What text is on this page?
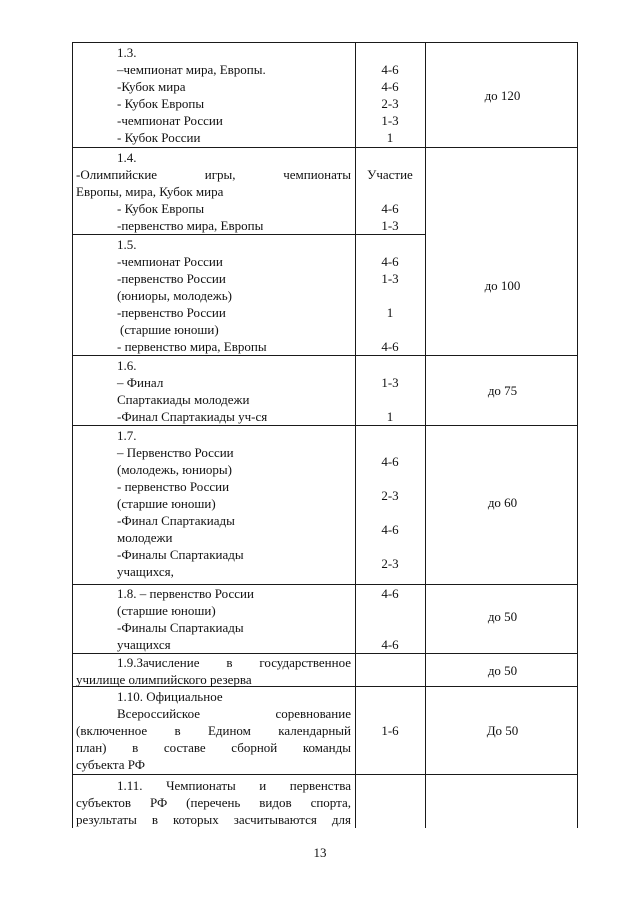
1.3.
–чемпионат мира, Европы.
-Кубок мира
- Кубок Европы
-чемпионат России
- Кубок России
4-6
4-6
2-3
1-3
1
до 120
1.4.
-Олимпийские игры, чемпионаты
Европы, мира, Кубок мира
- Кубок Европы
-первенство мира, Европы
Участие
4-6
1-3
1.5.
-чемпионат России
-первенство России
(юниоры, молодежь)
-первенство России
(старшие юноши)
- первенство мира, Европы
4-6
1-3
1
4-6
до 100
1.6.
– Финал
Спартакиады молодежи
-Финал Спартакиады уч-ся
1-3
1
до 75
1.7.
– Первенство России
(молодежь, юниоры)
- первенство России
(старшие юноши)
-Финал Спартакиады
молодежи
-Финалы Спартакиады
учащихся,
4-6
2-3
4-6
2-3
до 60
1.8. – первенство России
(старшие юноши)
-Финалы Спартакиады
учащихся
4-6
4-6
до 50
1.9.Зачисление в государственное
училище олимпийского резерва
до 50
1.10. Официальное
Всероссийское соревнование
(включенное в Едином календарный
план) в составе сборной команды
субъекта РФ
1-6	До 50
1.11. Чемпионаты и первенства
субъектов РФ (перечень видов спорта,
результаты в которых засчитываются для
13
